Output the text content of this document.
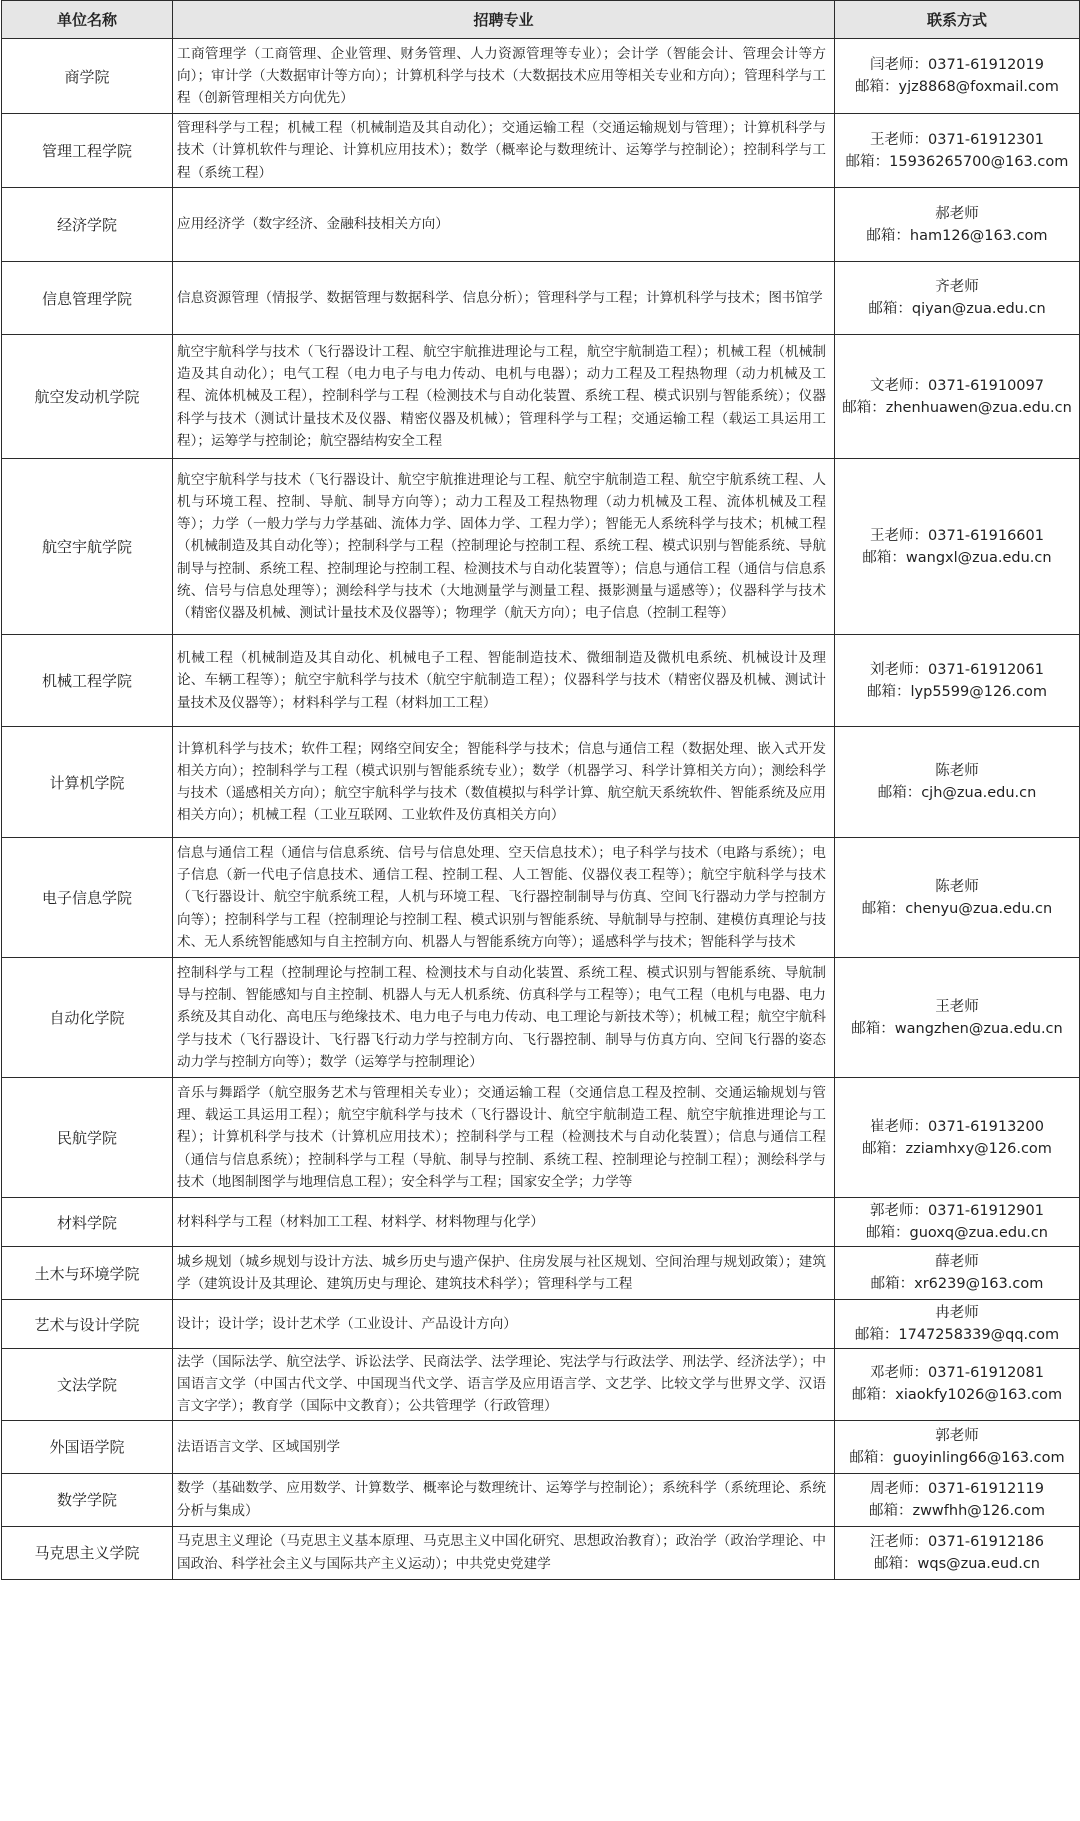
单位名称	招聘专业	联系方式
商学院	工商管理学（工商管理、企业管理、财务管理、人力资源管理等专业）；会计学（智能会计、管理会计等方向）；审计学（大数据审计等方向）；计算机科学与技术（大数据技术应用等相关专业和方向）；管理科学与工程（创新管理相关方向优先）	闫老师：0371-61912019
邮箱：yjz8868@foxmail.com

管理工程学院	管理科学与工程；机械工程（机械制造及其自动化）；交通运输工程（交通运输规划与管理）；计算机科学与技术（计算机软件与理论、计算机应用技术）；数学（概率论与数理统计、运筹学与控制论）；控制科学与工程（系统工程）	王老师：0371-61912301
邮箱：15936265700@163.com

经济学院	应用经济学（数字经济、金融科技相关方向）	郝老师
邮箱：ham126@163.com

信息管理学院	信息资源管理（情报学、数据管理与数据科学、信息分析）；管理科学与工程；计算机科学与技术；图书馆学	齐老师
邮箱：qiyan@zua.edu.cn

航空发动机学院	航空宇航科学与技术（飞行器设计工程、航空宇航推进理论与工程，航空宇航制造工程）；机械工程（机械制造及其自动化）；电气工程（电力电子与电力传动、电机与电器）；动力工程及工程热物理（动力机械及工程、流体机械及工程），控制科学与工程（检测技术与自动化装置、系统工程、模式识别与智能系统）；仪器科学与技术（测试计量技术及仪器、精密仪器及机械）；管理科学与工程；交通运输工程（载运工具运用工程）；运筹学与控制论；航空器结构安全工程	文老师：0371-61910097
邮箱：zhenhuawen@zua.edu.cn

航空宇航学院	航空宇航科学与技术（飞行器设计、航空宇航推进理论与工程、航空宇航制造工程、航空宇航系统工程、人机与环境工程、控制、导航、制导方向等）；动力工程及工程热物理（动力机械及工程、流体机械及工程等）；力学（一般力学与力学基础、流体力学、固体力学、工程力学）；智能无人系统科学与技术；机械工程（机械制造及其自动化等）；控制科学与工程（控制理论与控制工程、系统工程、模式识别与智能系统、导航制导与控制、系统工程、控制理论与控制工程、检测技术与自动化装置等）；信息与通信工程（通信与信息系统、信号与信息处理等）；测绘科学与技术（大地测量学与测量工程、摄影测量与遥感等）；仪器科学与技术（精密仪器及机械、测试计量技术及仪器等）；物理学（航天方向）；电子信息（控制工程等）	王老师：0371-61916601
邮箱：wangxl@zua.edu.cn

机械工程学院	机械工程（机械制造及其自动化、机械电子工程、智能制造技术、微细制造及微机电系统、机械设计及理论、车辆工程等）；航空宇航科学与技术（航空宇航制造工程）；仪器科学与技术（精密仪器及机械、测试计量技术及仪器等）；材料科学与工程（材料加工工程）	刘老师：0371-61912061
邮箱：lyp5599@126.com

计算机学院	计算机科学与技术；软件工程；网络空间安全；智能科学与技术；信息与通信工程（数据处理、嵌入式开发相关方向）；控制科学与工程（模式识别与智能系统专业）；数学（机器学习、科学计算相关方向）；测绘科学与技术（遥感相关方向）；航空宇航科学与技术（数值模拟与科学计算、航空航天系统软件、智能系统及应用相关方向）；机械工程（工业互联网、工业软件及仿真相关方向）	陈老师
邮箱：cjh@zua.edu.cn

电子信息学院	信息与通信工程（通信与信息系统、信号与信息处理、空天信息技术）；电子科学与技术（电路与系统）；电子信息（新一代电子信息技术、通信工程、控制工程、人工智能、仪器仪表工程等）；航空宇航科学与技术（飞行器设计、航空宇航系统工程，人机与环境工程、飞行器控制制导与仿真、空间飞行器动力学与控制方向等）；控制科学与工程（控制理论与控制工程、模式识别与智能系统、导航制导与控制、建模仿真理论与技术、无人系统智能感知与自主控制方向、机器人与智能系统方向等）；遥感科学与技术；智能科学与技术	陈老师
邮箱：chenyu@zua.edu.cn

自动化学院	控制科学与工程（控制理论与控制工程、检测技术与自动化装置、系统工程、模式识别与智能系统、导航制导与控制、智能感知与自主控制、机器人与无人机系统、仿真科学与工程等）；电气工程（电机与电器、电力系统及其自动化、高电压与绝缘技术、电力电子与电力传动、电工理论与新技术等）；机械工程；航空宇航科学与技术（飞行器设计、飞行器飞行动力学与控制方向、飞行器控制、制导与仿真方向、空间飞行器的姿态动力学与控制方向等）；数学（运筹学与控制理论）	王老师
邮箱：wangzhen@zua.edu.cn

民航学院	音乐与舞蹈学（航空服务艺术与管理相关专业）；交通运输工程（交通信息工程及控制、交通运输规划与管理、载运工具运用工程）；航空宇航科学与技术（飞行器设计、航空宇航制造工程、航空宇航推进理论与工程）；计算机科学与技术（计算机应用技术）；控制科学与工程（检测技术与自动化装置）；信息与通信工程（通信与信息系统）；控制科学与工程（导航、制导与控制、系统工程、控制理论与控制工程）；测绘科学与技术（地图制图学与地理信息工程）；安全科学与工程；国家安全学；力学等	崔老师：0371-61913200
邮箱：zziamhxy@126.com

材料学院	材料科学与工程（材料加工工程、材料学、材料物理与化学）	郭老师：0371-61912901
邮箱：guoxq@zua.edu.cn

土木与环境学院	城乡规划（城乡规划与设计方法、城乡历史与遗产保护、住房发展与社区规划、空间治理与规划政策）；建筑学（建筑设计及其理论、建筑历史与理论、建筑技术科学）；管理科学与工程	薛老师
邮箱：xr6239@163.com

艺术与设计学院	设计；设计学；设计艺术学（工业设计、产品设计方向）	冉老师
邮箱：1747258339@qq.com

文法学院	法学（国际法学、航空法学、诉讼法学、民商法学、法学理论、宪法学与行政法学、刑法学、经济法学）；中国语言文学（中国古代文学、中国现当代文学、语言学及应用语言学、文艺学、比较文学与世界文学、汉语言文字学）；教育学（国际中文教育）；公共管理学（行政管理）	邓老师：0371-61912081
邮箱：xiaokfy1026@163.com

外国语学院	法语语言文学、区域国别学	郭老师
邮箱：guoyinling66@163.com

数学学院	数学（基础数学、应用数学、计算数学、概率论与数理统计、运筹学与控制论）；系统科学（系统理论、系统分析与集成）	周老师：0371-61912119
邮箱：zwwfhh@126.com

马克思主义学院	马克思主义理论（马克思主义基本原理、马克思主义中国化研究、思想政治教育）；政治学（政治学理论、中国政治、科学社会主义与国际共产主义运动）；中共党史党建学	汪老师：0371-61912186
邮箱：wqs@zua.eud.cn
